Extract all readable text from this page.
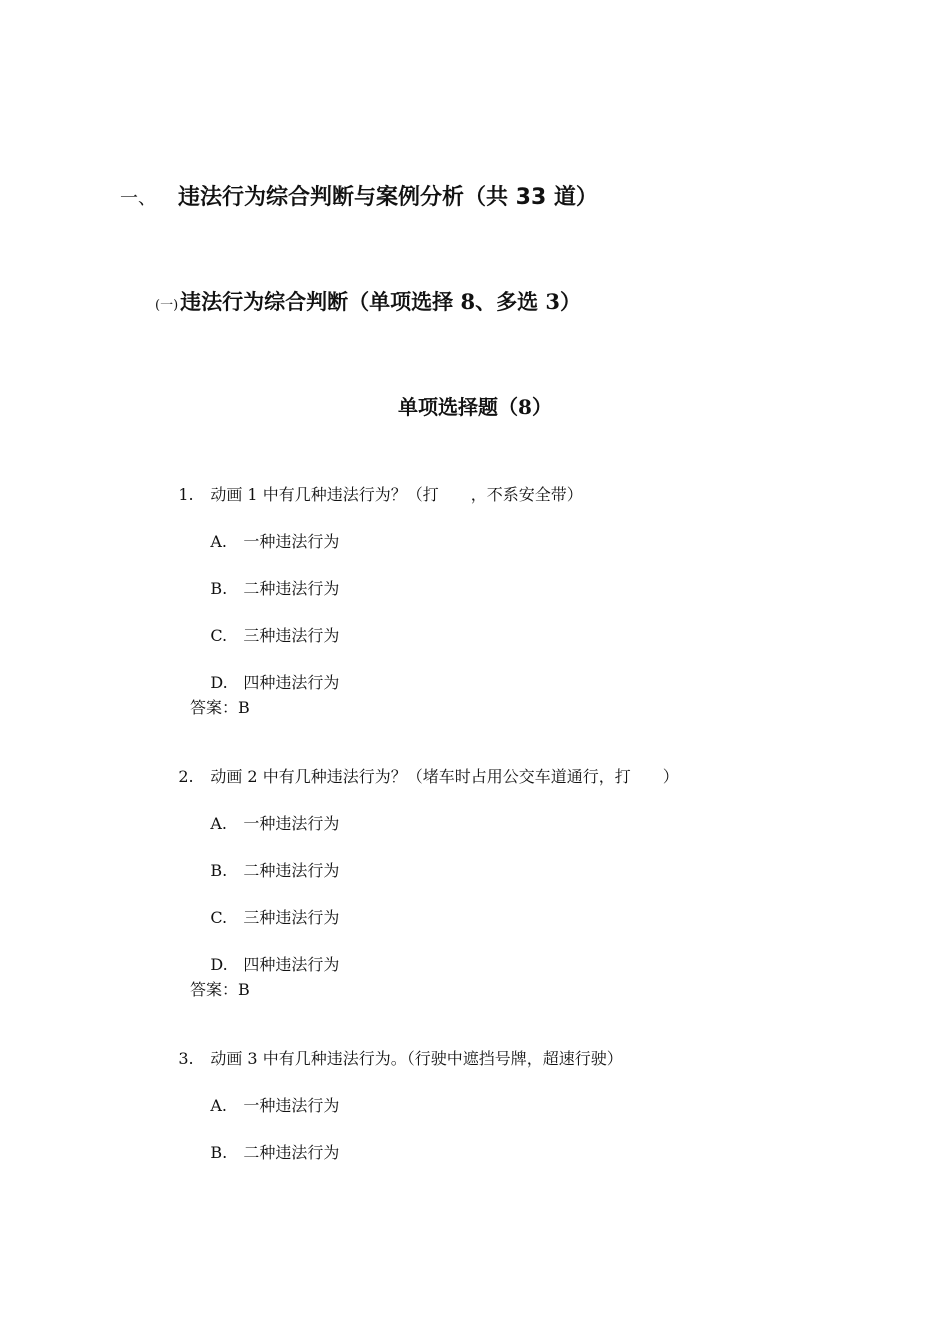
一、 违法行为综合判断与案例分析（共 33 道）
(一)违法行为综合判断（单项选择 8、多选 3）
单项选择题（8）

1. 动画 1 中有几种违法行为？（打　　，不系安全带）

A. 一种违法行为

B. 二种违法行为

C. 三种违法行为

D. 四种违法行为

答案：B

2. 动画 2 中有几种违法行为？（堵车时占用公交车道通行，打　　）

A. 一种违法行为

B. 二种违法行为

C. 三种违法行为

D. 四种违法行为

答案：B

3. 动画 3 中有几种违法行为。（行驶中遮挡号牌，超速行驶）

A. 一种违法行为

B. 二种违法行为
